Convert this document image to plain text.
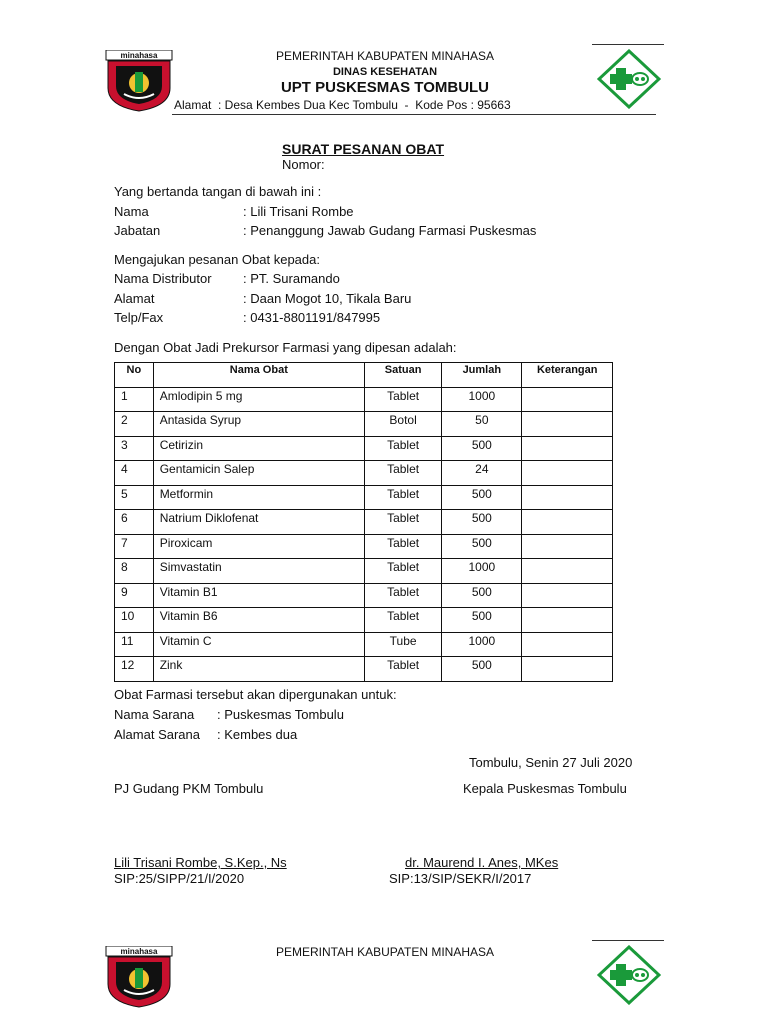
minahasa	PEMERINTAH KABUPATEN MINAHASA
DINAS KESEHATAN
UPT PUSKESMAS TOMBULU
Alamat  : Desa Kembes Dua Kec Tombulu  -  Kode Pos : 95663
SURAT PESANAN OBAT
Nomor:
Yang bertanda tangan di bawah ini :
Nama	: Lili Trisani Rombe
Jabatan	: Penanggung Jawab Gudang Farmasi Puskesmas
Mengajukan pesanan Obat kepada:
Nama Distributor : PT. Suramando
Alamat	: Daan Mogot 10, Tikala Baru
Telp/Fax	: 0431-8801191/847995
Dengan Obat Jadi Prekursor Farmasi yang dipesan adalah:
No	Nama Obat	Satuan	Jumlah	Keterangan
1	Amlodipin 5 mg	Tablet	1000	
2	Antasida Syrup	Botol	50	
3	Cetirizin	Tablet	500	
4	Gentamicin Salep	Tablet	24	
5	Metformin	Tablet	500	
6	Natrium Diklofenat	Tablet	500	
7	Piroxicam	Tablet	500	
8	Simvastatin	Tablet	1000	
9	Vitamin B1	Tablet	500	
10	Vitamin B6	Tablet	500	
11	Vitamin C	Tube	1000	
12	Zink	Tablet	500	
Obat Farmasi tersebut akan dipergunakan untuk:
Nama Sarana : Puskesmas Tombulu
Alamat Sarana : Kembes dua
Tombulu, Senin 27 Juli 2020
PJ Gudang PKM Tombulu	Kepala Puskesmas Tombulu
Lili Trisani Rombe, S.Kep., Ns
SIP:25/SIPP/21/I/2020
dr. Maurend I. Anes, MKes
SIP:13/SIP/SEKR/I/2017
minahasa	PEMERINTAH KABUPATEN MINAHASA
